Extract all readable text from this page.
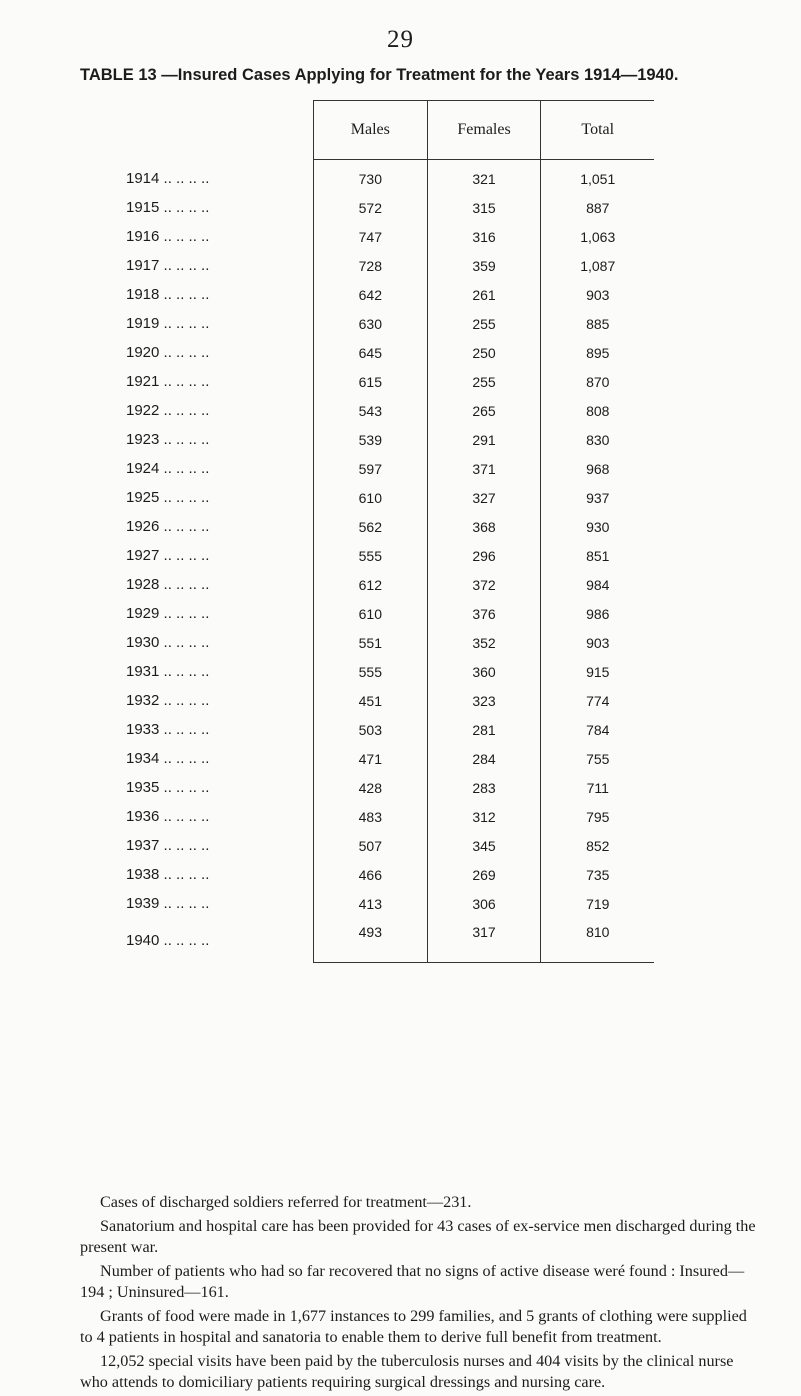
29
TABLE 13 —Insured Cases Applying for Treatment for the Years 1914—1940.
	Males	Females	Total
1914 .. .. .. ..	730	321	1,051
1915 .. .. .. ..	572	315	887
1916 .. .. .. ..	747	316	1,063
1917 .. .. .. ..	728	359	1,087
1918 .. .. .. ..	642	261	903
1919 .. .. .. ..	630	255	885
1920 .. .. .. ..	645	250	895
1921 .. .. .. ..	615	255	870
1922 .. .. .. ..	543	265	808
1923 .. .. .. ..	539	291	830
1924 .. .. .. ..	597	371	968
1925 .. .. .. ..	610	327	937
1926 .. .. .. ..	562	368	930
1927 .. .. .. ..	555	296	851
1928 .. .. .. ..	612	372	984
1929 .. .. .. ..	610	376	986
1930 .. .. .. ..	551	352	903
1931 .. .. .. ..	555	360	915
1932 .. .. .. ..	451	323	774
1933 .. .. .. ..	503	281	784
1934 .. .. .. ..	471	284	755
1935 .. .. .. ..	428	283	711
1936 .. .. .. ..	483	312	795
1937 .. .. .. ..	507	345	852
1938 .. .. .. ..	466	269	735
1939 .. .. .. ..	413	306	719
1940 .. .. .. ..	493	317	810

Cases of discharged soldiers referred for treatment—231.

Sanatorium and hospital care has been provided for 43 cases of ex-service men discharged during the present war.

Number of patients who had so far recovered that no signs of active disease weré found : Insured—194 ; Uninsured—161.

Grants of food were made in 1,677 instances to 299 families, and 5 grants of clothing were supplied to 4 patients in hospital and sanatoria to enable them to derive full benefit from treatment.

12,052 special visits have been paid by the tuberculosis nurses and 404 visits by the clinical nurse who attends to domiciliary patients requiring surgical dressings and nursing care.
